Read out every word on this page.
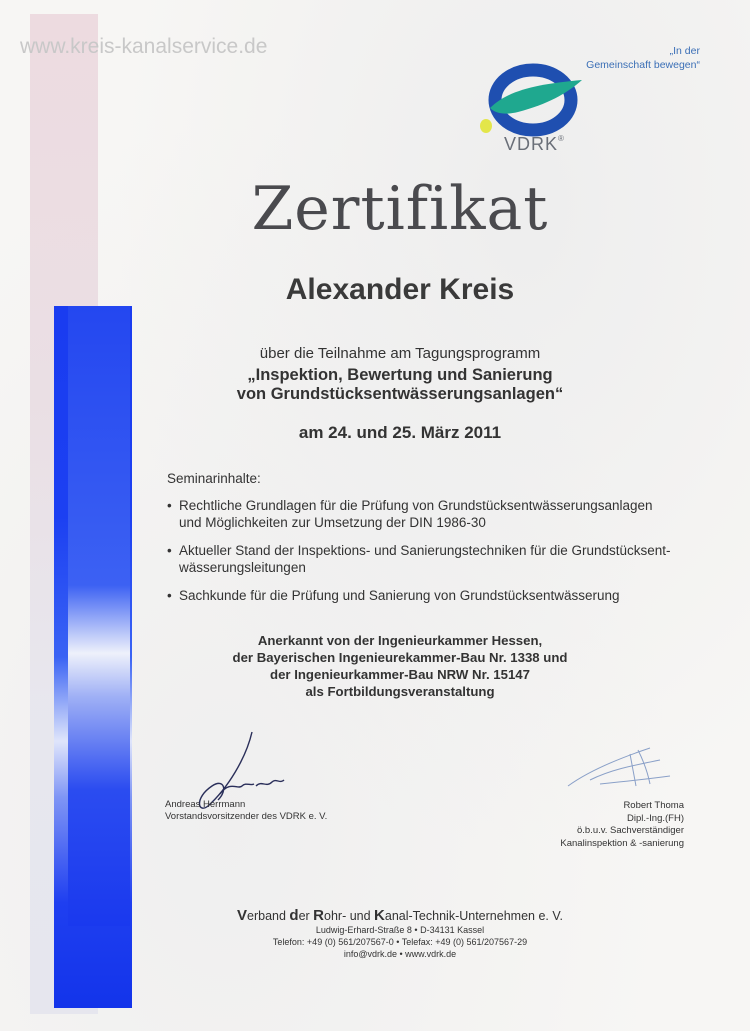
www.kreis-kanalservice.de	„In der
Gemeinschaft bewegen“
VDRK®
Zertifikat
Alexander Kreis
über die Teilnahme am Tagungsprogramm
„Inspektion, Bewertung und Sanierung
von Grundstücksentwässerungsanlagen“
am 24. und 25. März 2011
Seminarinhalte:
• Rechtliche Grundlagen für die Prüfung von Grundstücksentwässerungsanlagen
und Möglichkeiten zur Umsetzung der DIN 1986-30
• Aktueller Stand der Inspektions- und Sanierungstechniken für die Grundstücksent-
wässerungsleitungen
• Sachkunde für die Prüfung und Sanierung von Grundstücksentwässerung
Anerkannt von der Ingenieurkammer Hessen,
der Bayerischen Ingenieurekammer-Bau Nr. 1338 und
der Ingenieurkammer-Bau NRW Nr. 15147
als Fortbildungsveranstaltung
Andreas Herrmann
Vorstandsvorsitzender des VDRK e. V.
Robert Thoma
Dipl.-Ing.(FH)
ö.b.u.v. Sachverständiger
Kanalinspektion & -sanierung
Verband der Rohr- und Kanal-Technik-Unternehmen e. V.
Ludwig-Erhard-Straße 8 • D-34131 Kassel
Telefon: +49 (0) 561/207567-0 • Telefax: +49 (0) 561/207567-29
info@vdrk.de • www.vdrk.de
